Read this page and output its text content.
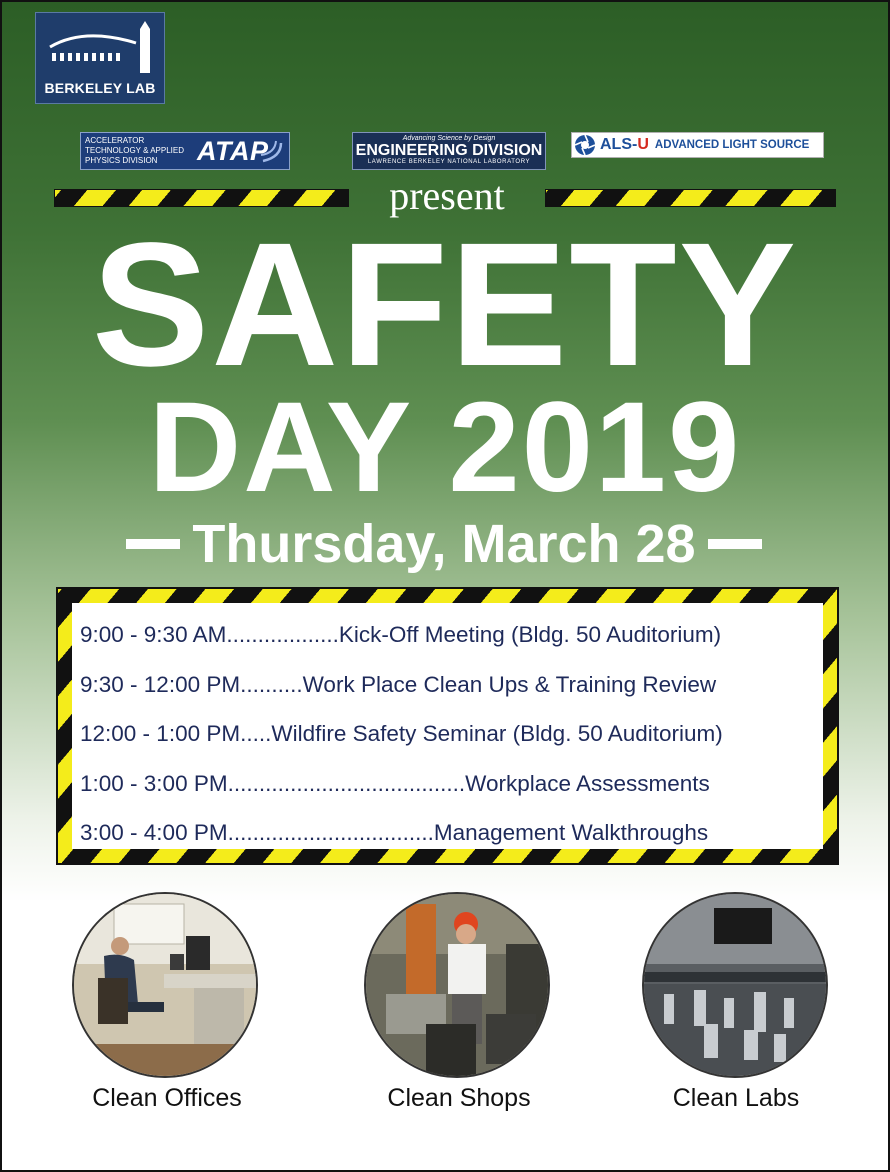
BERKELEY LAB
ACCELERATOR TECHNOLOGY & APPLIED PHYSICS DIVISION	ATAP	Advancing Science by Design
ENGINEERING DIVISION
LAWRENCE BERKELEY NATIONAL LABORATORY
ALS-U ADVANCED LIGHT SOURCE
present
SAFETY
DAY 2019
Thursday, March 28
9:00 - 9:30 AM..................Kick-Off Meeting (Bldg. 50 Auditorium)
9:30 - 12:00 PM..........Work Place Clean Ups & Training Review
12:00 - 1:00 PM.....Wildfire Safety Seminar (Bldg. 50 Auditorium)
1:00 - 3:00 PM......................................Workplace Assessments
3:00 - 4:00 PM.................................Management Walkthroughs
Clean Offices	Clean Shops	Clean Labs
